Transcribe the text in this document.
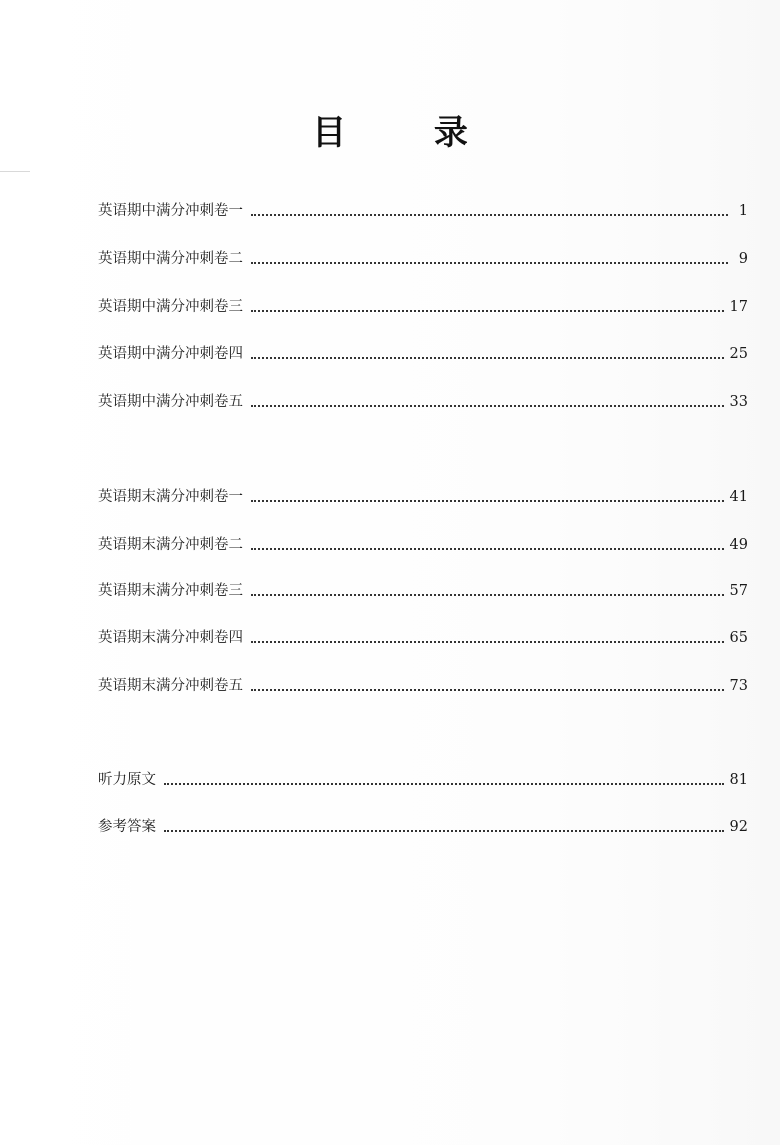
目 录
英语期中满分冲刺卷一	1
英语期中满分冲刺卷二	9
英语期中满分冲刺卷三	17
英语期中满分冲刺卷四	25
英语期中满分冲刺卷五	33
英语期末满分冲刺卷一	41
英语期末满分冲刺卷二	49
英语期末满分冲刺卷三	57
英语期末满分冲刺卷四	65
英语期末满分冲刺卷五	73
听力原文	81
参考答案	92
